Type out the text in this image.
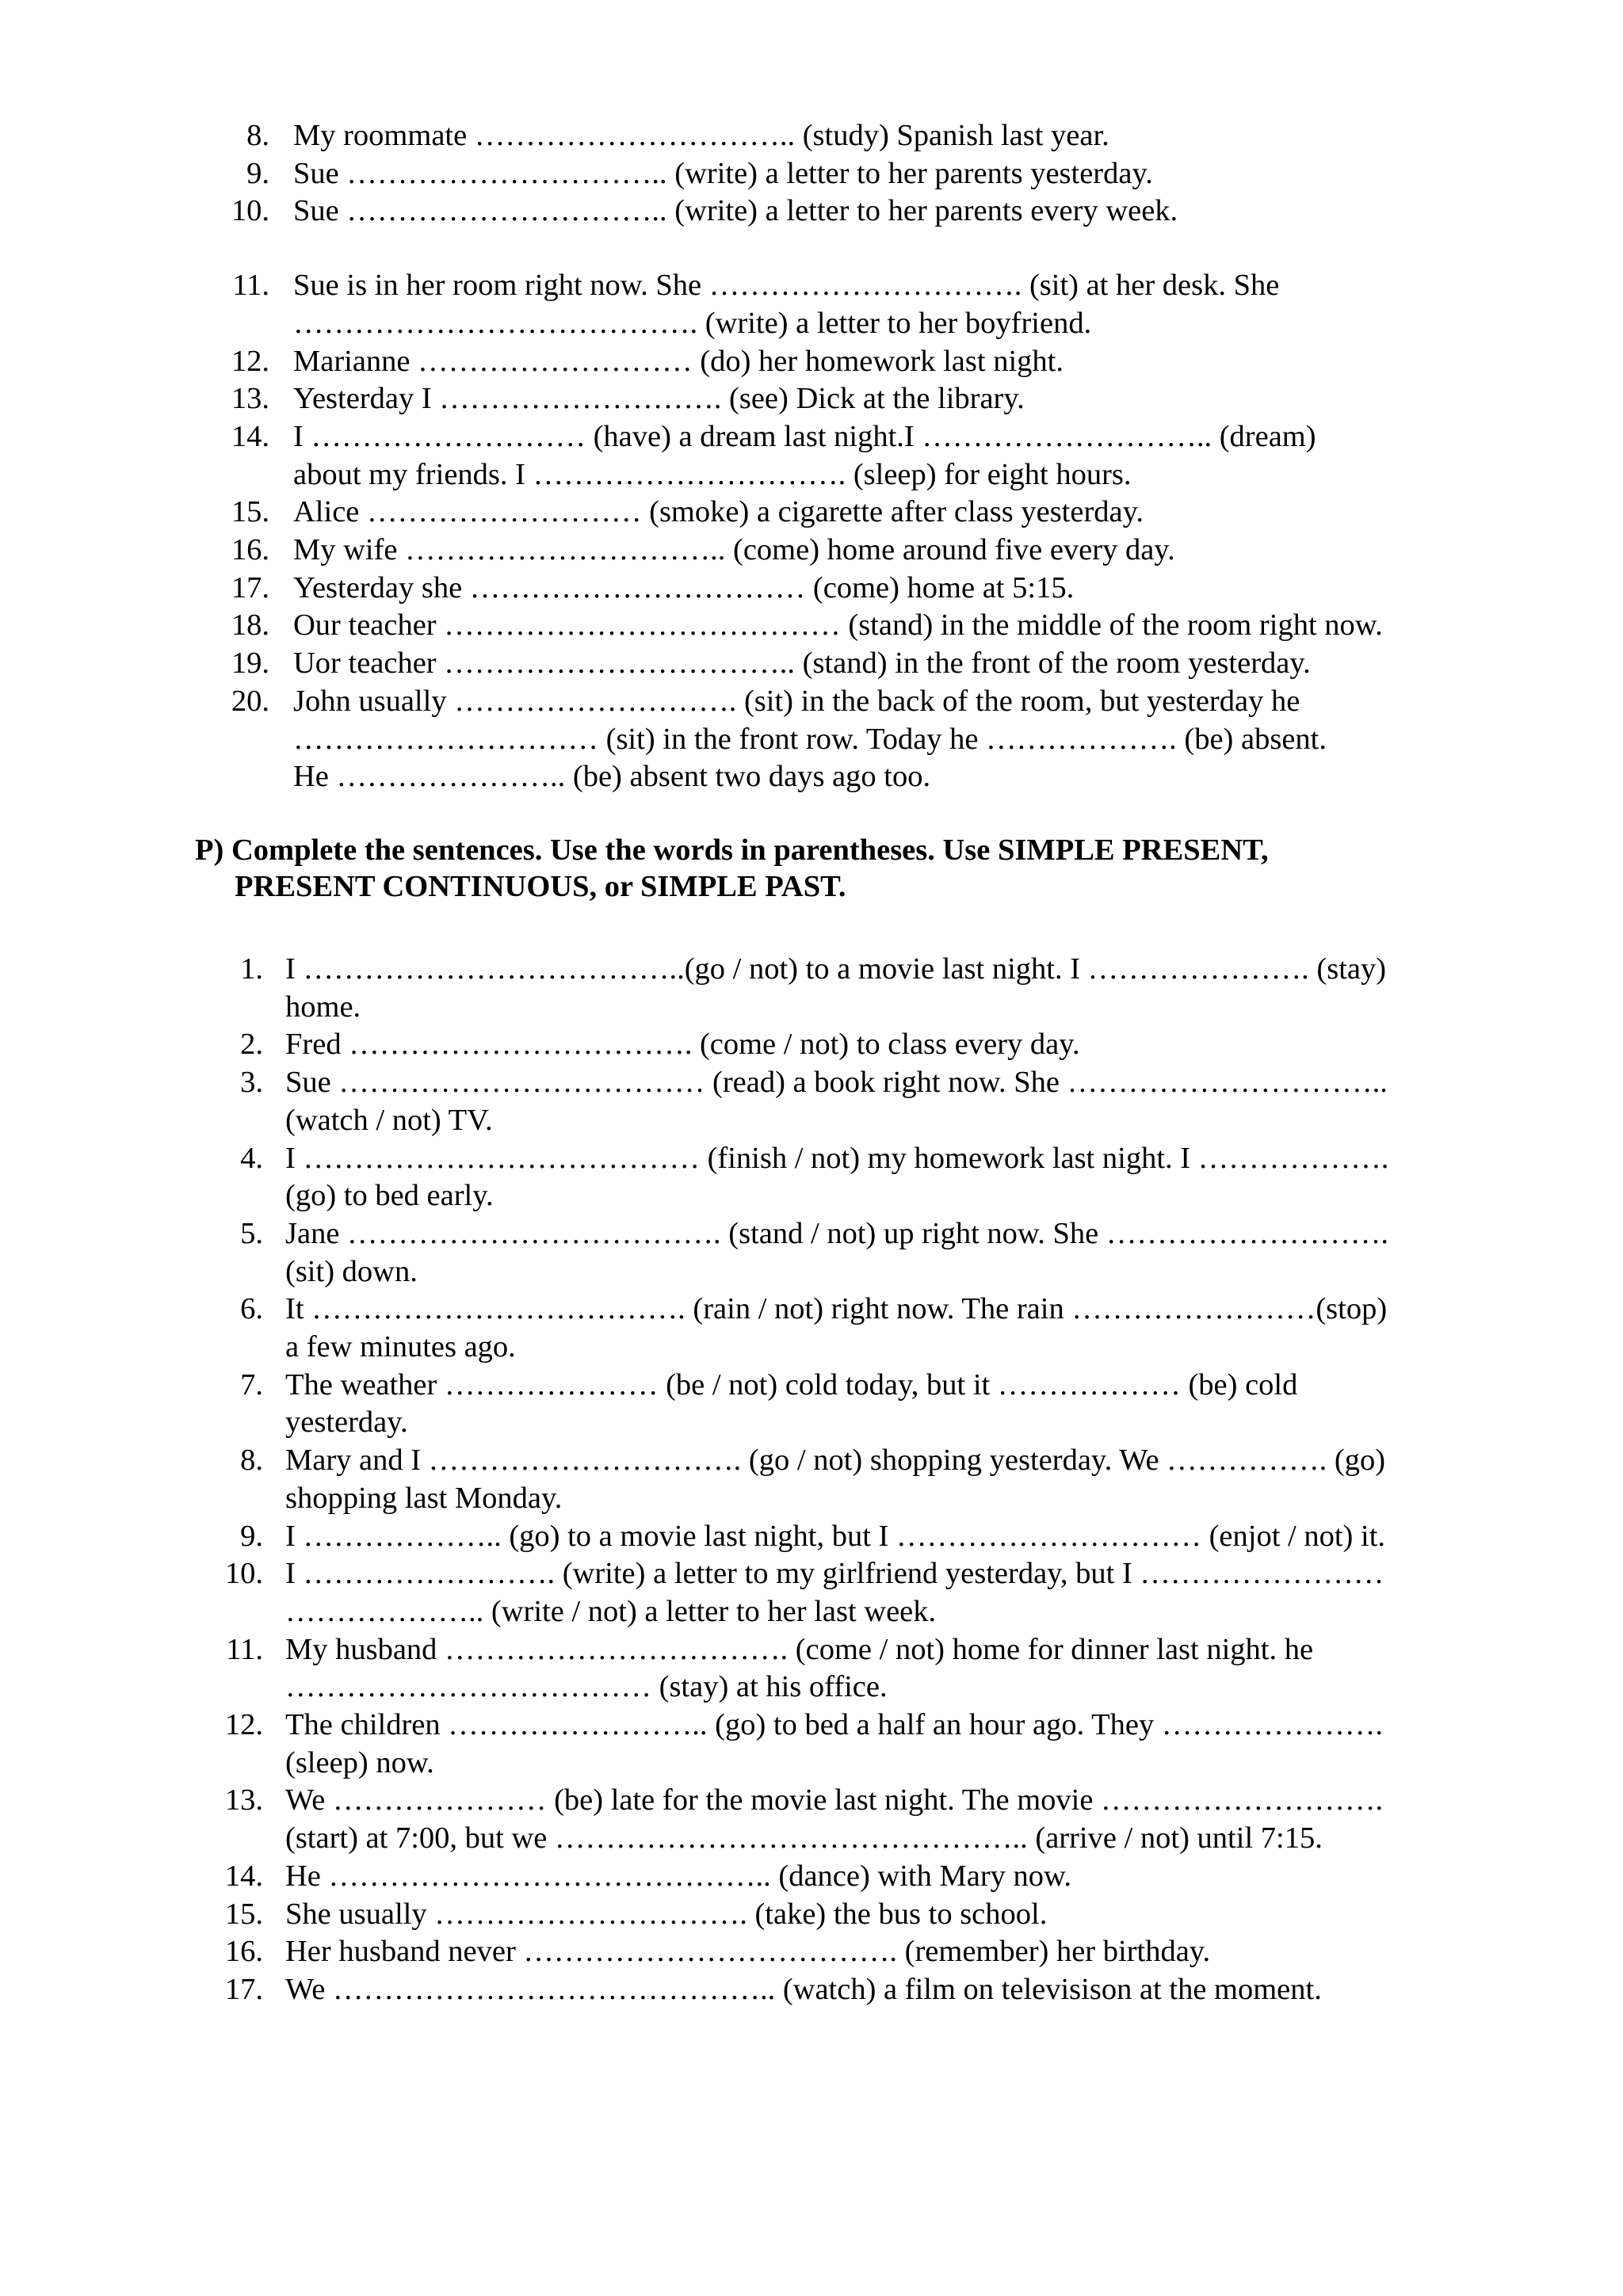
8. My roommate ………………………….. (study) Spanish last year.
9. Sue ………………………….. (write) a letter to her parents yesterday.
10. Sue ………………………….. (write) a letter to her parents every week.
11. Sue is in her room right now. She …………………………. (sit) at her desk. She
…………………………………. (write) a letter to her boyfriend.
12. Marianne ……………………… (do) her homework last night.
13. Yesterday I ………………………. (see) Dick at the library.
14. I ……………………… (have) a dream last night.I ……………………….. (dream)
about my friends. I …………………………. (sleep) for eight hours.
15. Alice ……………………… (smoke) a cigarette after class yesterday.
16. My wife ………………………….. (come) home around five every day.
17. Yesterday she …………………………… (come) home at 5:15.
18. Our teacher ………………………………… (stand) in the middle of the room right now.
19. Uor teacher …………………………….. (stand) in the front of the room yesterday.
20. John usually ………………………. (sit) in the back of the room, but yesterday he
………………………… (sit) in the front row. Today he ………………. (be) absent.
He ………………….. (be) absent two days ago too.
P) Complete the sentences. Use the words in parentheses. Use SIMPLE PRESENT,
PRESENT CONTINUOUS, or SIMPLE PAST.
1. I ………………………………..(go / not) to a movie last night. I …………………. (stay)
home.
2. Fred ……………………………. (come / not) to class every day.
3. Sue ……………………………… (read) a book right now. She …………………………..
(watch / not) TV.
4. I ………………………………… (finish / not) my homework last night. I ……………….
(go) to bed early.
5. Jane ………………………………. (stand / not) up right now. She ……………………….
(sit) down.
6. It ………………………………. (rain / not) right now. The rain ……………………(stop)
a few minutes ago.
7. The weather ………………… (be / not) cold today, but it ……………… (be) cold
yesterday.
8. Mary and I …………………………. (go / not) shopping yesterday. We ……………. (go)
shopping last Monday.
9. I ……………….. (go) to a movie last night, but I ………………………… (enjot / not) it.
10. I ……………………. (write) a letter to my girlfriend yesterday, but I ……………………
……………….. (write / not) a letter to her last week.
11. My husband ……………………………. (come / not) home for dinner last night. he
……………………………… (stay) at his office.
12. The children …………………….. (go) to bed a half an hour ago. They ………………….
(sleep) now.
13. We ………………… (be) late for the movie last night. The movie ……………………….
(start) at 7:00, but we ……………………………………….. (arrive / not) until 7:15.
14. He …………………………………….. (dance) with Mary now.
15. She usually …………………………. (take) the bus to school.
16. Her husband never ………………………………. (remember) her birthday.
17. We …………………………………….. (watch) a film on televisison at the moment.
